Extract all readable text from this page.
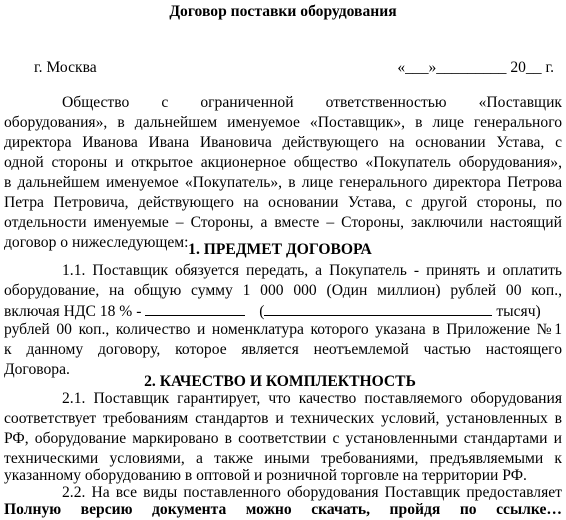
Договор поставки оборудования
г. Москва	«___»_________ 20__ г.
Общество с ограниченной ответственностью «Поставщик
оборудования», в дальнейшем именуемое «Поставщик», в лице генерального
директора Иванова Ивана Ивановича действующего на основании Устава, с
одной стороны и открытое акционерное общество «Покупатель оборудования»,
в дальнейшем именуемое «Покупатель», в лице генерального директора Петрова
Петра Петровича, действующего на основании Устава, с другой стороны, по
отдельности именуемые – Стороны, а вместе – Стороны, заключили настоящий
договор о нижеследующем: 1. ПРЕДМЕТ ДОГОВОРА
1.1. Поставщик обязуется передать, а Покупатель - принять и оплатить
оборудование, на общую сумму 1 000 000 (Один миллион) рублей 00 коп.,
включая НДС 18 % -	(	тысяч)
рублей 00 коп., количество и номенклатура которого указана в Приложение №1
к данному договору, которое является неотъемлемой частью настоящего
Договора.
2. КАЧЕСТВО И КОМПЛЕКТНОСТЬ
2.1. Поставщик гарантирует, что качество поставляемого оборудования
соответствует требованиям стандартов и технических условий, установленных в
РФ, оборудование маркировано в соответствии с установленными стандартами и
техническими условиями, а также иными требованиями, предъявляемыми к
указанному оборудованию в оптовой и розничной торговле на территории РФ.
2.2. На все виды поставленного оборудования Поставщик предоставляет
Полную версию документа можно скачать, пройдя по ссылке…
